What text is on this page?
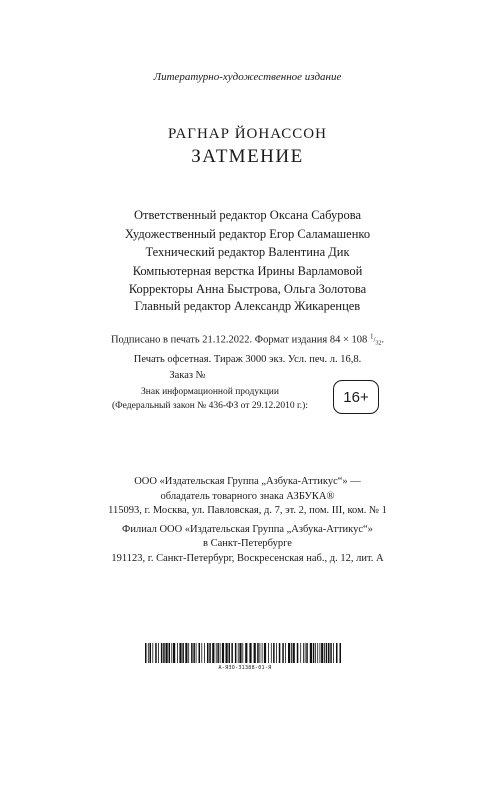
Литературно-художественное издание
РАГНАР ЙОНАССОН
ЗАТМЕНИЕ
Ответственный редактор Оксана Сабурова
Художественный редактор Егор Саламашенко
Технический редактор Валентина Дик
Компьютерная верстка Ирины Варламовой
Корректоры Анна Быстрова, Ольга Золотова
Главный редактор Александр Жикаренцев
Подписано в печать 21.12.2022. Формат издания 84 × 108 $^1/_{32}$.
Печать офсетная. Тираж 3000 экз. Усл. печ. л. 16,8.
Заказ №
Знак информационной продукции
(Федеральный закон № 436-ФЗ от 29.12.2010 г.):
16+
ООО «Издательская Группа „Азбука-Аттикус“» —
обладатель товарного знака АЗБУКА®
115093, г. Москва, ул. Павловская, д. 7, эт. 2, пом. III, ком. № 1
Филиал ООО «Издательская Группа „Азбука-Аттикус“»
в Санкт-Петербурге
191123, г. Санкт-Петербург, Воскресенская наб., д. 12, лит. А
А-ЯЗО-31388-01-Я
